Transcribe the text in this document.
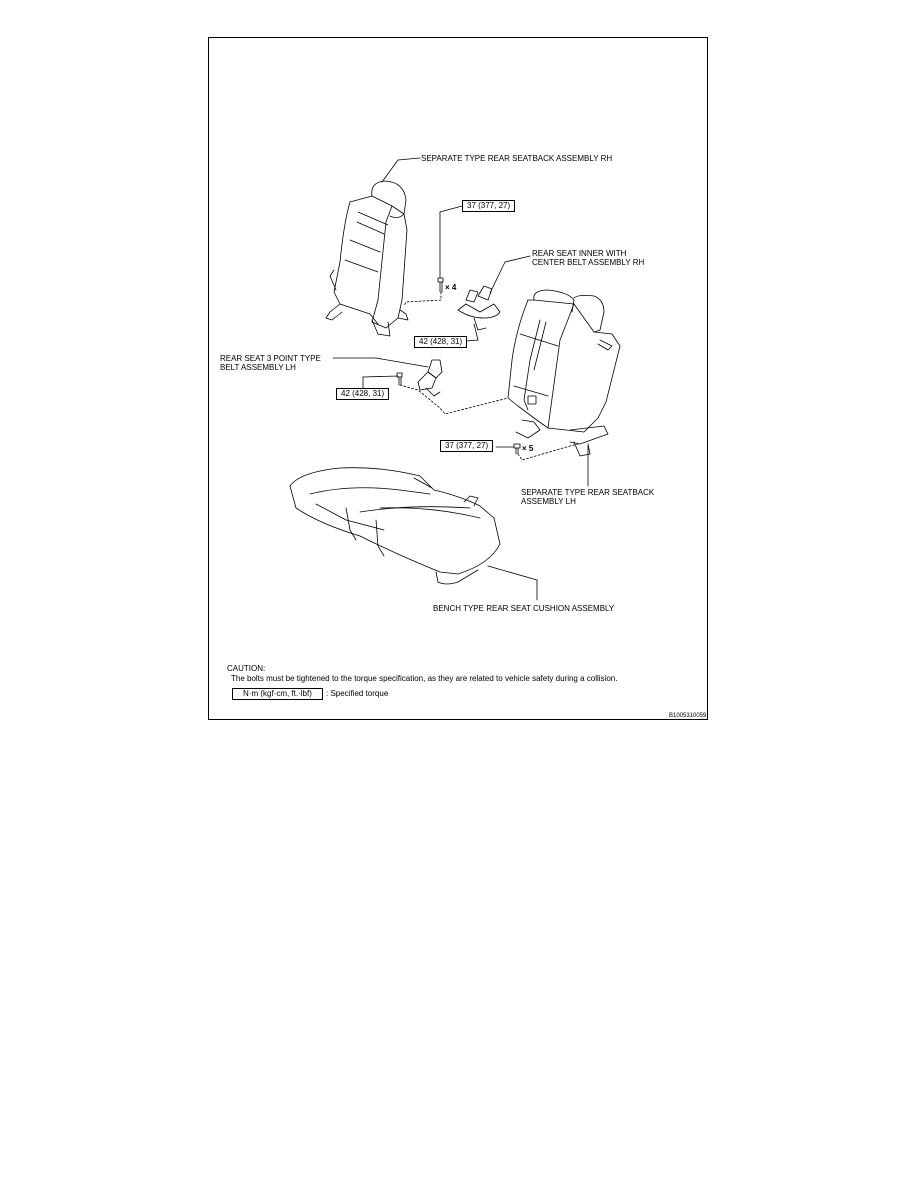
SEPARATE TYPE REAR SEATBACK ASSEMBLY RH
REAR SEAT INNER WITH
CENTER BELT ASSEMBLY RH
REAR SEAT 3 POINT TYPE
BELT ASSEMBLY LH
SEPARATE TYPE REAR SEATBACK
ASSEMBLY LH
BENCH TYPE REAR SEAT CUSHION ASSEMBLY
37 (377, 27)
42 (428, 31)
42 (428, 31)
37 (377, 27)
× 4
× 5
CAUTION:
The bolts must be tightened to the torque specification, as they are related to vehicle safety during a collision.
N·m (kgf·cm, ft.·lbf)	: Specified torque
B1005310059
